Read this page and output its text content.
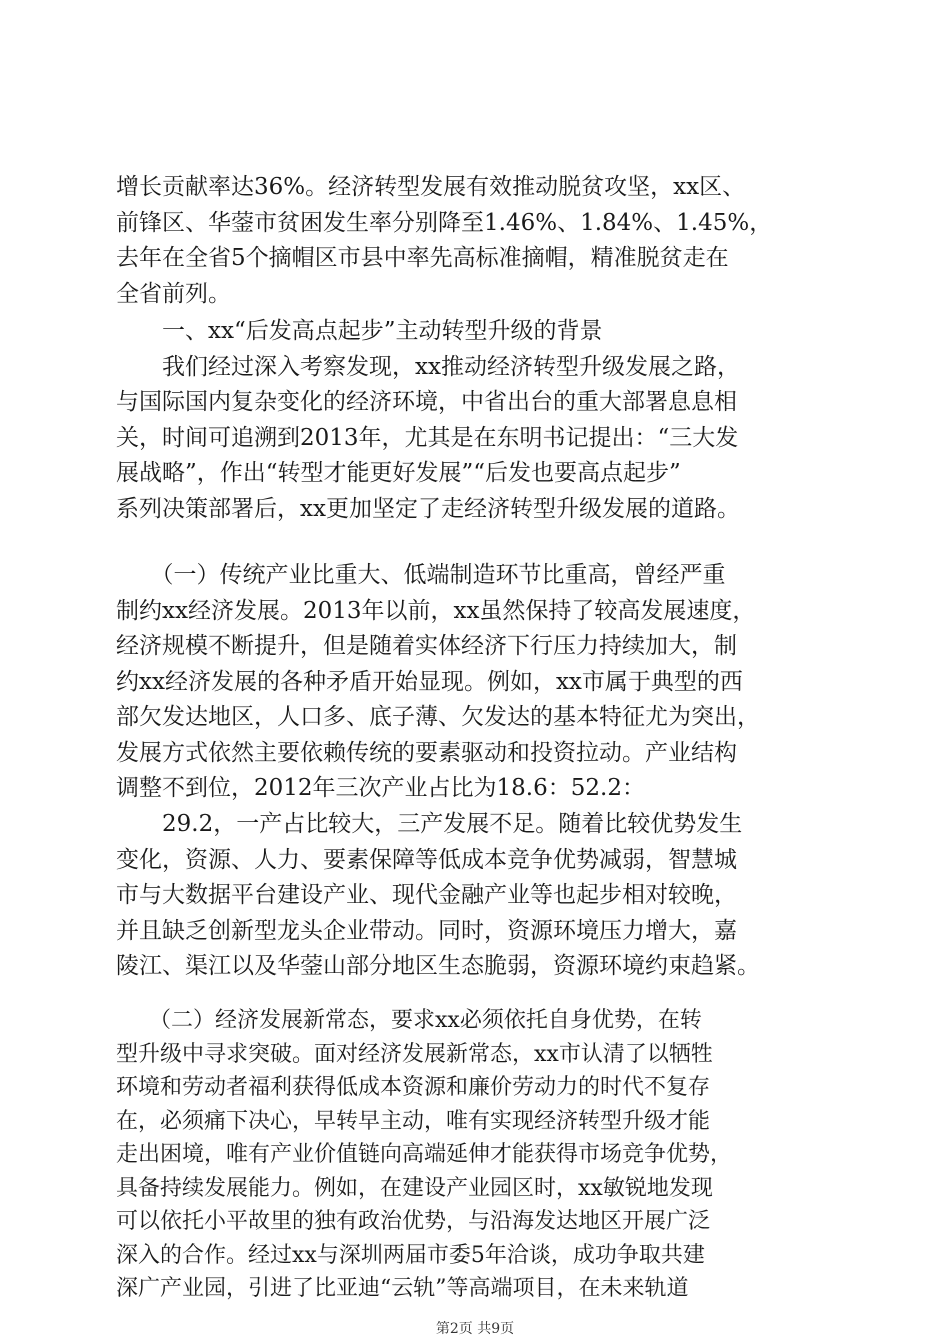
增长贡献率达36%。经济转型发展有效推动脱贫攻坚，xx区、
前锋区、华蓥市贫困发生率分别降至1.46%、1.84%、1.45%，
去年在全省5个摘帽区市县中率先高标准摘帽，精准脱贫走在
全省前列。
　　一、xx“后发高点起步”主动转型升级的背景
　　我们经过深入考察发现，xx推动经济转型升级发展之路，
与国际国内复杂变化的经济环境，中省出台的重大部署息息相
关，时间可追溯到2013年，尤其是在东明书记提出：“三大发
展战略”，作出“转型才能更好发展”“后发也要高点起步”
系列决策部署后，xx更加坚定了走经济转型升级发展的道路。
　　（一）传统产业比重大、低端制造环节比重高，曾经严重
制约xx经济发展。2013年以前，xx虽然保持了较高发展速度，
经济规模不断提升，但是随着实体经济下行压力持续加大，制
约xx经济发展的各种矛盾开始显现。例如，xx市属于典型的西
部欠发达地区，人口多、底子薄、欠发达的基本特征尤为突出，
发展方式依然主要依赖传统的要素驱动和投资拉动。产业结构
调整不到位，2012年三次产业占比为18.6：52.2：
　　29.2，一产占比较大，三产发展不足。随着比较优势发生
变化，资源、人力、要素保障等低成本竞争优势减弱，智慧城
市与大数据平台建设产业、现代金融产业等也起步相对较晚，
并且缺乏创新型龙头企业带动。同时，资源环境压力增大，嘉
陵江、渠江以及华蓥山部分地区生态脆弱，资源环境约束趋紧。
　　（二）经济发展新常态，要求xx必须依托自身优势，在转
型升级中寻求突破。面对经济发展新常态，xx市认清了以牺牲
环境和劳动者福利获得低成本资源和廉价劳动力的时代不复存
在，必须痛下决心，早转早主动，唯有实现经济转型升级才能
走出困境，唯有产业价值链向高端延伸才能获得市场竞争优势，
具备持续发展能力。例如，在建设产业园区时，xx敏锐地发现
可以依托小平故里的独有政治优势，与沿海发达地区开展广泛
深入的合作。经过xx与深圳两届市委5年洽谈，成功争取共建
深广产业园，引进了比亚迪“云轨”等高端项目，在未来轨道
第2页 共9页
